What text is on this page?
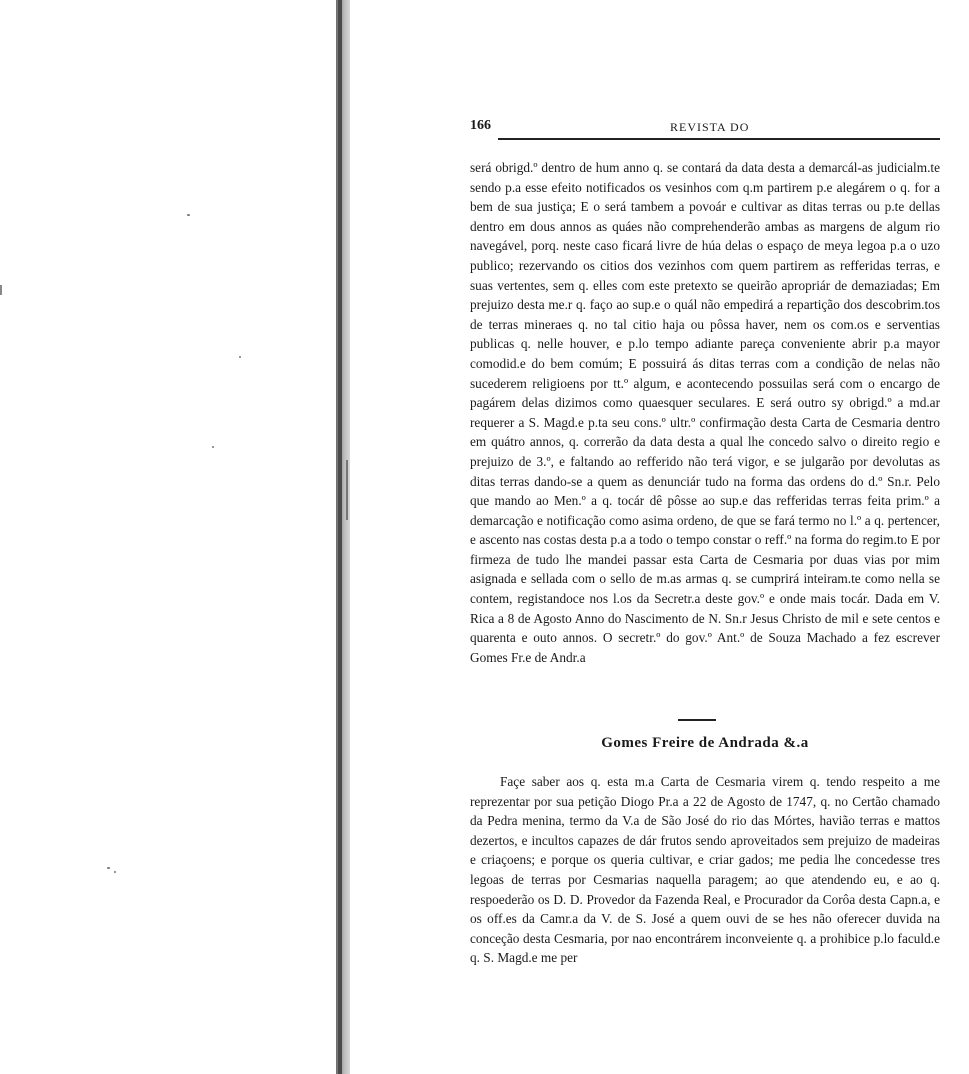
166	REVISTA DO

será obrigd.º dentro de hum anno q. se contará da data desta a demarcál-as judicialm.te sendo p.a esse efeito notificados os vesinhos com q.m partirem p.e alegárem o q. for a bem de sua justiça; E o será tambem a povoár e cultivar as ditas terras ou p.te dellas dentro em dous annos as quáes não comprehenderão ambas as margens de algum rio navegável, porq. neste caso ficará livre de húa delas o espaço de meya legoa p.a o uzo publico; rezervando os citios dos vezinhos com quem partirem as refferidas terras, e suas vertentes, sem q. elles com este pretexto se queirão apropriár de demaziadas; Em prejuizo desta me.r q. faço ao sup.e o quál não empedirá a repartição dos descobrim.tos de terras mineraes q. no tal citio haja ou pôssa haver, nem os com.os e serventias publicas q. nelle houver, e p.lo tempo adiante pareça conveniente abrir p.a mayor comodid.e do bem comúm; E possuirá ás ditas terras com a condição de nelas não sucederem religioens por tt.º algum, e acontecendo possuilas será com o encargo de pagárem delas dizimos como quaesquer seculares. E será outro sy obrigd.º a md.ar requerer a S. Magd.e p.ta seu cons.º ultr.º confirmação desta Carta de Cesmaria dentro em quátro annos, q. correrão da data desta a qual lhe concedo salvo o direito regio e prejuizo de 3.º, e faltando ao refferido não terá vigor, e se julgarão por devolutas as ditas terras dando-se a quem as denunciár tudo na forma das ordens do d.º Sn.r. Pelo que mando ao Men.º a q. tocár dê pôsse ao sup.e das refferidas terras feita prim.º a demarcação e notificação como asima ordeno, de que se fará termo no l.º a q. pertencer, e ascento nas costas desta p.a a todo o tempo constar o reff.º na forma do regim.to E por firmeza de tudo lhe mandei passar esta Carta de Cesmaria por duas vias por mim asignada e sellada com o sello de m.as armas q. se cumprirá inteiram.te como nella se contem, registandoce nos l.os da Secretr.a deste gov.º e onde mais tocár. Dada em V. Rica a 8 de Agosto Anno do Nascimento de N. Sn.r Jesus Christo de mil e sete centos e quarenta e outo annos. O secretr.º do gov.º Ant.º de Souza Machado a fez escrever Gomes Fr.e de Andr.a

Gomes Freire de Andrada &.a

Façe saber aos q. esta m.a Carta de Cesmaria virem q. tendo respeito a me reprezentar por sua petição Diogo Pr.a a 22 de Agosto de 1747, q. no Certão chamado da Pedra menina, termo da V.a de São José do rio das Mórtes, havião terras e mattos dezertos, e incultos capazes de dár frutos sendo aproveitados sem prejuizo de madeiras e criaçoens; e porque os queria cultivar, e criar gados; me pedia lhe concedesse tres legoas de terras por Cesmarias naquella paragem; ao que atendendo eu, e ao q. respoederão os D. D. Provedor da Fazenda Real, e Procurador da Corôa desta Capn.a, e os off.es da Camr.a da V. de S. José a quem ouvi de se hes não oferecer duvida na conceção desta Cesmaria, por nao encontrárem inconveiente q. a prohibice p.lo faculd.e q. S. Magd.e me per
